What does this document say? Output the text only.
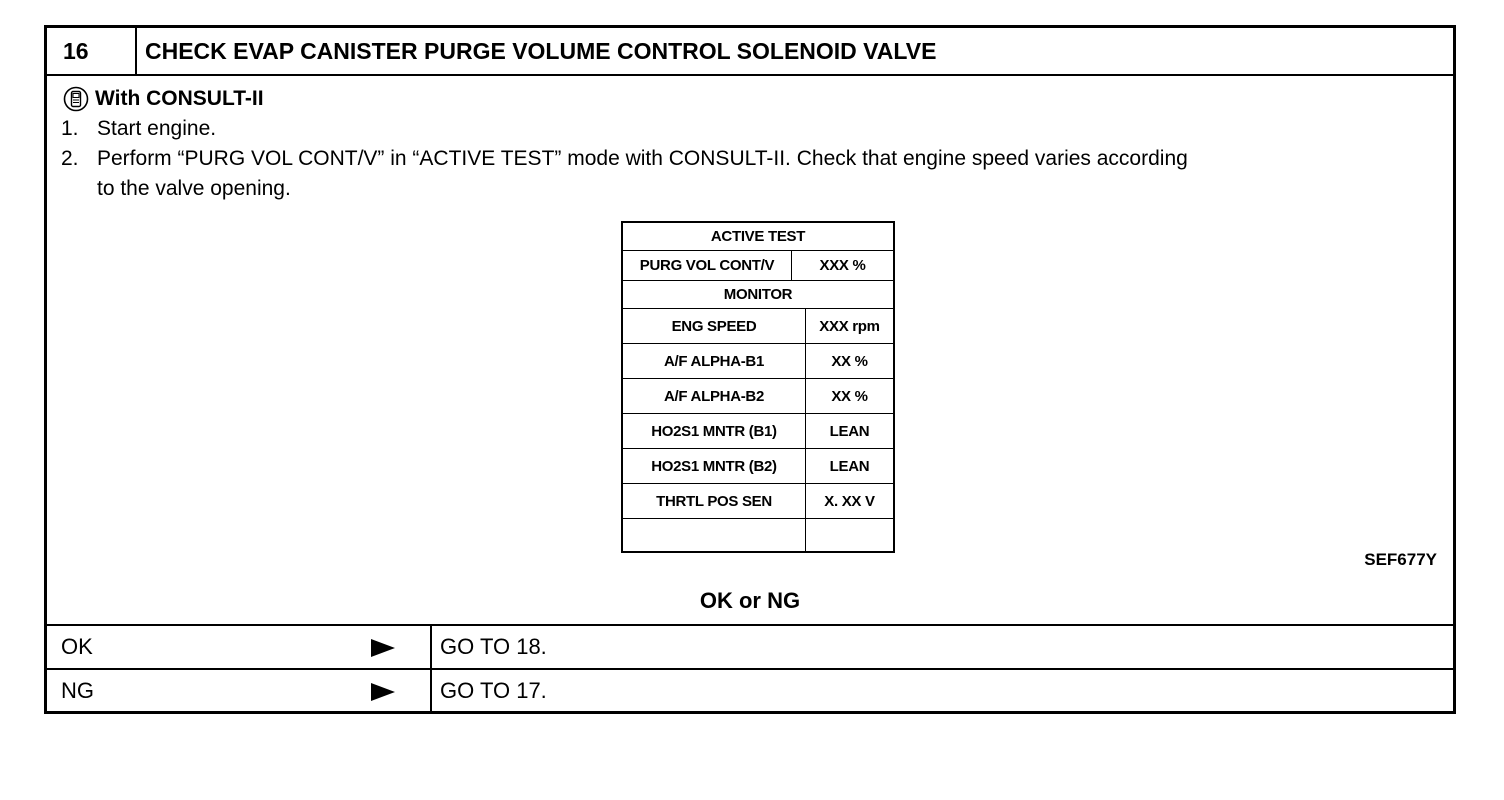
16	CHECK EVAP CANISTER PURGE VOLUME CONTROL SOLENOID VALVE
With CONSULT-II
1. Start engine.
2. Perform “PURG VOL CONT/V” in “ACTIVE TEST” mode with CONSULT-II. Check that engine speed varies according
to the valve opening.
ACTIVE TEST
PURG VOL CONT/V	XXX %
MONITOR
ENG SPEED	XXX rpm
A/F ALPHA-B1	XX %
A/F ALPHA-B2	XX %
HO2S1 MNTR (B1)	LEAN
HO2S1 MNTR (B2)	LEAN
THRTL POS SEN	X. XX V
SEF677Y
OK or NG
OK	GO TO 18.
NG	GO TO 17.
